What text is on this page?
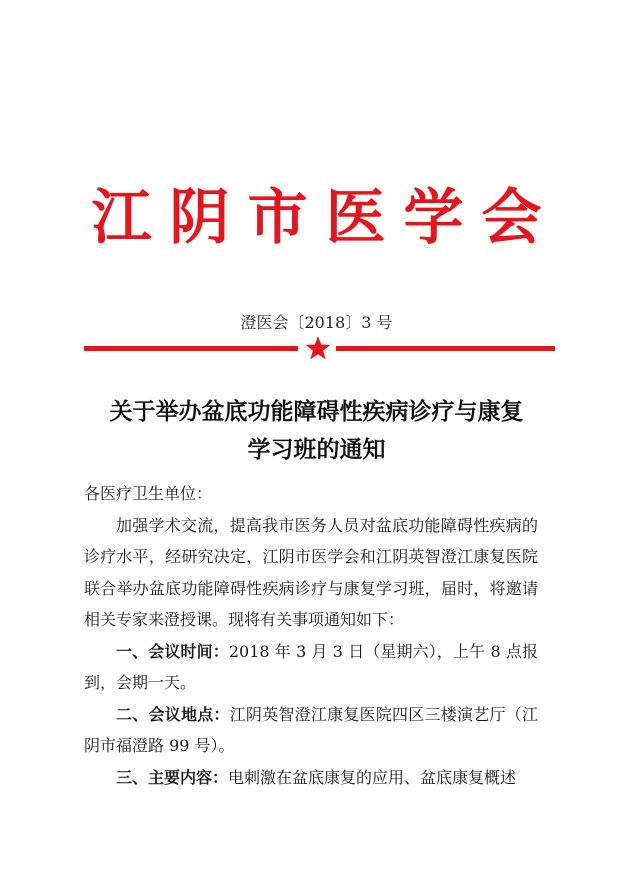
江阴市医学会
澄医会〔2018〕3 号
关于举办盆底功能障碍性疾病诊疗与康复
学习班的通知

各医疗卫生单位：

加强学术交流，提高我市医务人员对盆底功能障碍性疾病的诊疗水平，经研究决定，江阴市医学会和江阴英智澄江康复医院联合举办盆底功能障碍性疾病诊疗与康复学习班，届时，将邀请相关专家来澄授课。现将有关事项通知如下：

一、会议时间：2018 年 3 月 3 日（星期六），上午 8 点报到，会期一天。

二、会议地点：江阴英智澄江康复医院四区三楼演艺厅（江阴市福澄路 99 号）。

三、主要内容：电刺激在盆底康复的应用、盆底康复概述
